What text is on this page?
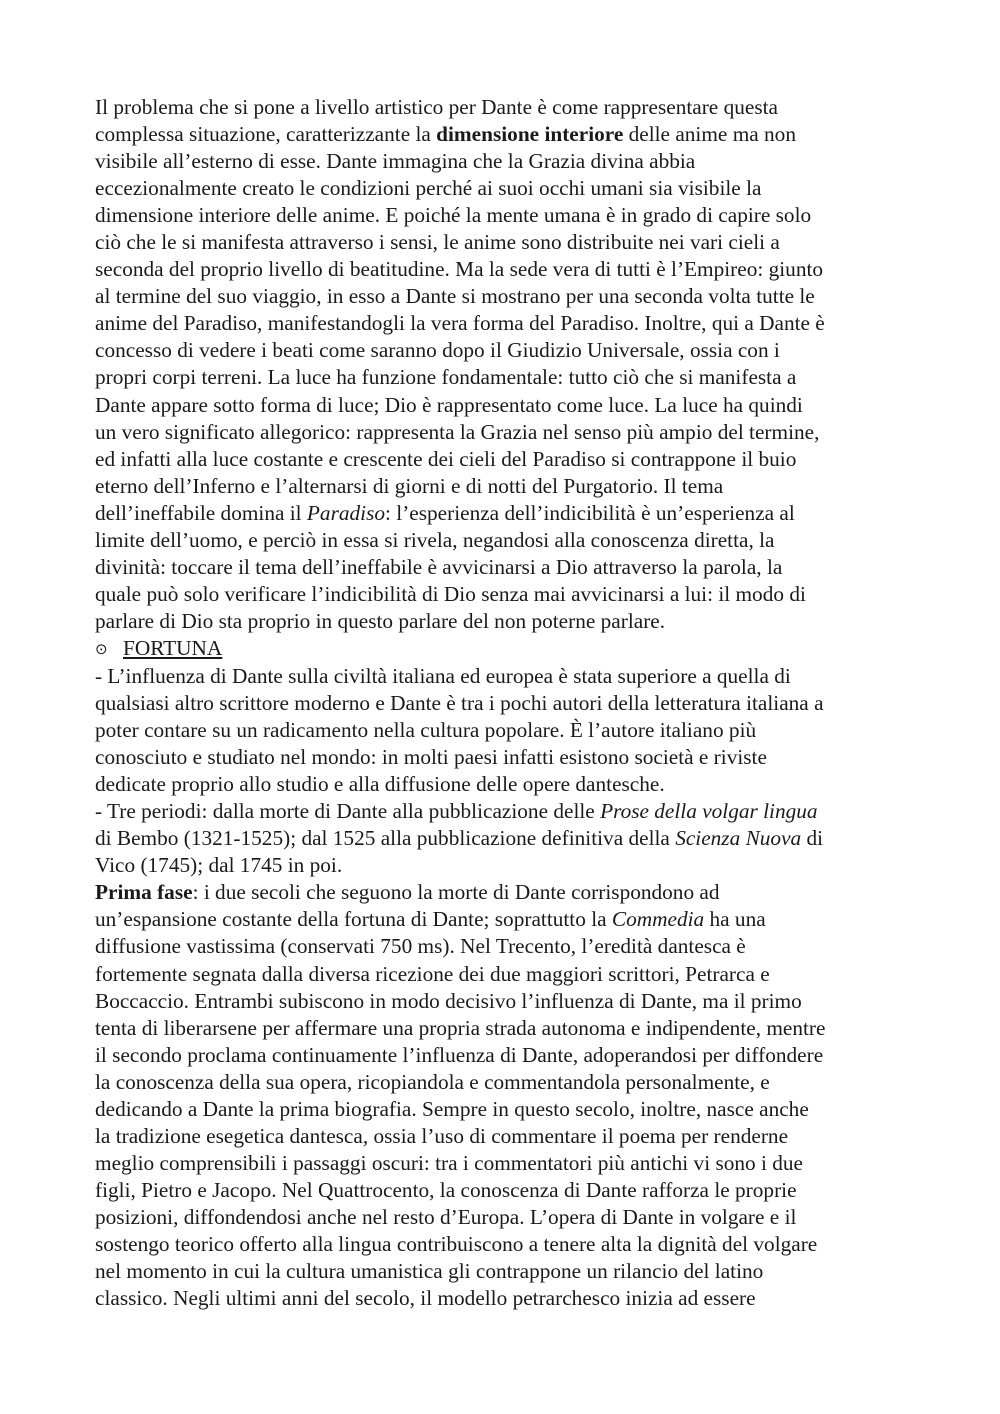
Il problema che si pone a livello artistico per Dante è come rappresentare questa
complessa situazione, caratterizzante la dimensione interiore delle anime ma non
visibile all’esterno di esse. Dante immagina che la Grazia divina abbia
eccezionalmente creato le condizioni perché ai suoi occhi umani sia visibile la
dimensione interiore delle anime. E poiché la mente umana è in grado di capire solo
ciò che le si manifesta attraverso i sensi, le anime sono distribuite nei vari cieli a
seconda del proprio livello di beatitudine. Ma la sede vera di tutti è l’Empireo: giunto
al termine del suo viaggio, in esso a Dante si mostrano per una seconda volta tutte le
anime del Paradiso, manifestandogli la vera forma del Paradiso. Inoltre, qui a Dante è
concesso di vedere i beati come saranno dopo il Giudizio Universale, ossia con i
propri corpi terreni. La luce ha funzione fondamentale: tutto ciò che si manifesta a
Dante appare sotto forma di luce; Dio è rappresentato come luce. La luce ha quindi
un vero significato allegorico: rappresenta la Grazia nel senso più ampio del termine,
ed infatti alla luce costante e crescente dei cieli del Paradiso si contrappone il buio
eterno dell’Inferno e l’alternarsi di giorni e di notti del Purgatorio. Il tema
dell’ineffabile domina il Paradiso: l’esperienza dell’indicibilità è un’esperienza al
limite dell’uomo, e perciò in essa si rivela, negandosi alla conoscenza diretta, la
divinità: toccare il tema dell’ineffabile è avvicinarsi a Dio attraverso la parola, la
quale può solo verificare l’indicibilità di Dio senza mai avvicinarsi a lui: il modo di
parlare di Dio sta proprio in questo parlare del non poterne parlare.
⊙ FORTUNA
- L’influenza di Dante sulla civiltà italiana ed europea è stata superiore a quella di
qualsiasi altro scrittore moderno e Dante è tra i pochi autori della letteratura italiana a
poter contare su un radicamento nella cultura popolare. È l’autore italiano più
conosciuto e studiato nel mondo: in molti paesi infatti esistono società e riviste
dedicate proprio allo studio e alla diffusione delle opere dantesche.
- Tre periodi: dalla morte di Dante alla pubblicazione delle Prose della volgar lingua
di Bembo (1321-1525); dal 1525 alla pubblicazione definitiva della Scienza Nuova di
Vico (1745); dal 1745 in poi.
Prima fase: i due secoli che seguono la morte di Dante corrispondono ad
un’espansione costante della fortuna di Dante; soprattutto la Commedia ha una
diffusione vastissima (conservati 750 ms). Nel Trecento, l’eredità dantesca è
fortemente segnata dalla diversa ricezione dei due maggiori scrittori, Petrarca e
Boccaccio. Entrambi subiscono in modo decisivo l’influenza di Dante, ma il primo
tenta di liberarsene per affermare una propria strada autonoma e indipendente, mentre
il secondo proclama continuamente l’influenza di Dante, adoperandosi per diffondere
la conoscenza della sua opera, ricopiandola e commentandola personalmente, e
dedicando a Dante la prima biografia. Sempre in questo secolo, inoltre, nasce anche
la tradizione esegetica dantesca, ossia l’uso di commentare il poema per renderne
meglio comprensibili i passaggi oscuri: tra i commentatori più antichi vi sono i due
figli, Pietro e Jacopo. Nel Quattrocento, la conoscenza di Dante rafforza le proprie
posizioni, diffondendosi anche nel resto d’Europa. L’opera di Dante in volgare e il
sostengo teorico offerto alla lingua contribuiscono a tenere alta la dignità del volgare
nel momento in cui la cultura umanistica gli contrappone un rilancio del latino
classico. Negli ultimi anni del secolo, il modello petrarchesco inizia ad essere
